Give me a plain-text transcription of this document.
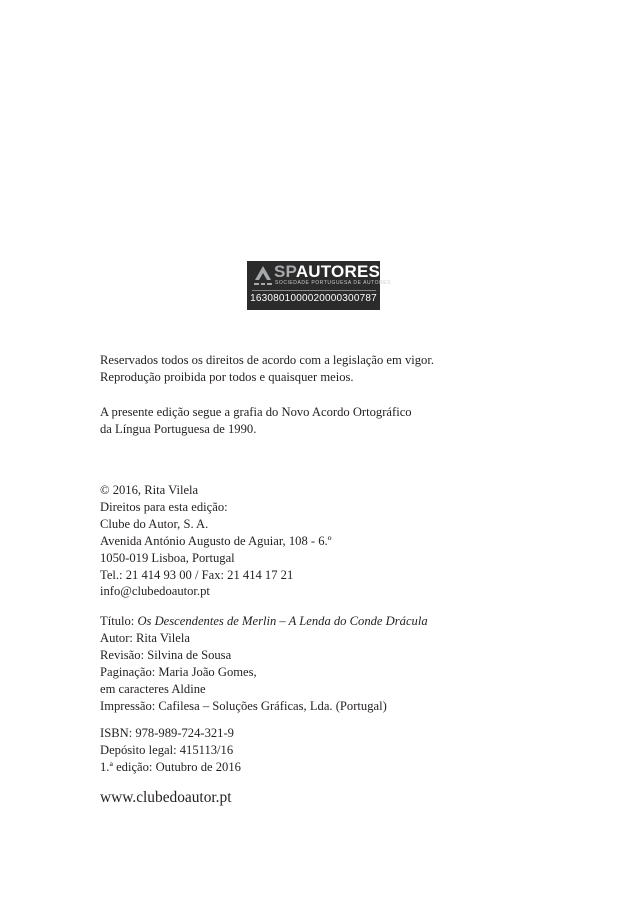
SPAUTORES
SOCIEDADE PORTUGUESA DE AUTORES
1630801000020000300787

Reservados todos os direitos de acordo com a legislação em vigor.

Reprodução proibida por todos e quaisquer meios.

A presente edição segue a grafia do Novo Acordo Ortográfico

da Língua Portuguesa de 1990.

© 2016, Rita Vilela

Direitos para esta edição:

Clube do Autor, S. A.

Avenida António Augusto de Aguiar, 108 - 6.º

1050-019 Lisboa, Portugal

Tel.: 21 414 93 00 / Fax: 21 414 17 21

info@clubedoautor.pt

Título: Os Descendentes de Merlin – A Lenda do Conde Drácula

Autor: Rita Vilela

Revisão: Silvina de Sousa

Paginação: Maria João Gomes,

em caracteres Aldine

Impressão: Cafilesa – Soluções Gráficas, Lda. (Portugal)

ISBN: 978-989-724-321-9

Depósito legal: 415113/16

1.ª edição: Outubro de 2016

www.clubedoautor.pt
